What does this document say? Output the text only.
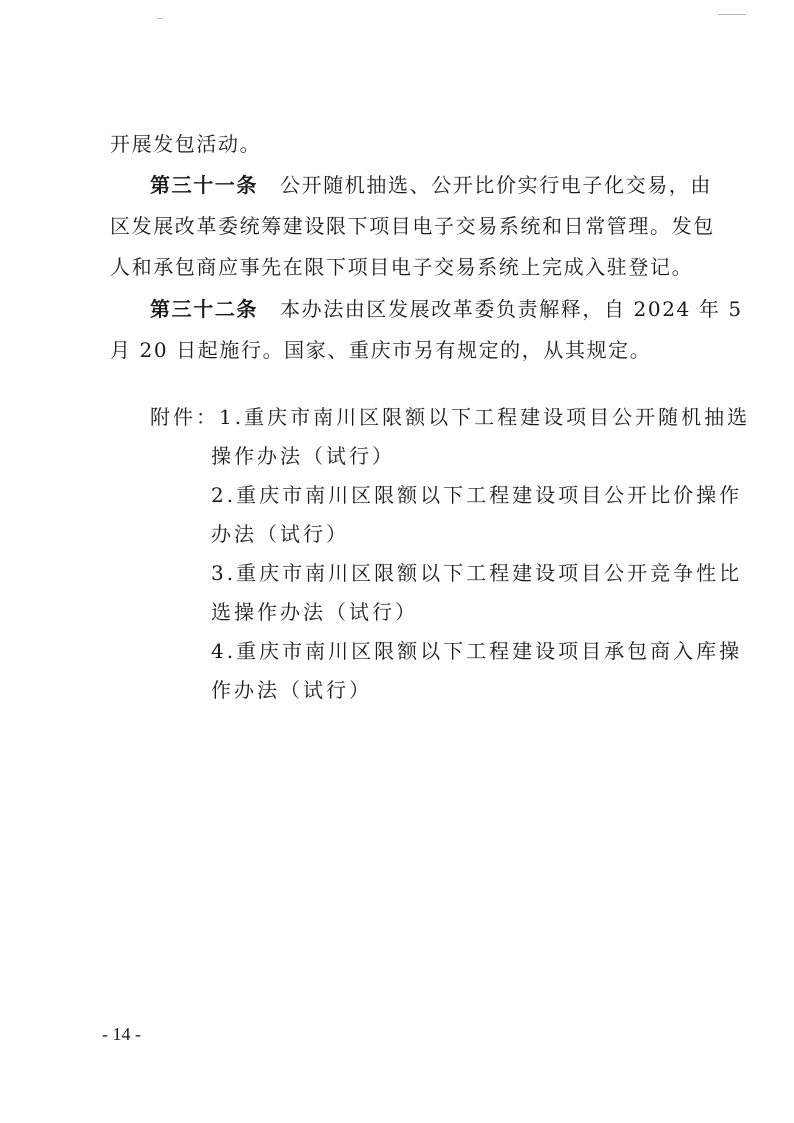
开展发包活动。
第三十一条 公开随机抽选、公开比价实行电子化交易，由
区发展改革委统筹建设限下项目电子交易系统和日常管理。发包
人和承包商应事先在限下项目电子交易系统上完成入驻登记。
第三十二条 本办法由区发展改革委负责解释，自 2024 年 5
月 20 日起施行。国家、重庆市另有规定的，从其规定。
附件：1.重庆市南川区限额以下工程建设项目公开随机抽选
操作办法（试行）
2.重庆市南川区限额以下工程建设项目公开比价操作
办法（试行）
3.重庆市南川区限额以下工程建设项目公开竞争性比
选操作办法（试行）
4.重庆市南川区限额以下工程建设项目承包商入库操
作办法（试行）
- 14 -
